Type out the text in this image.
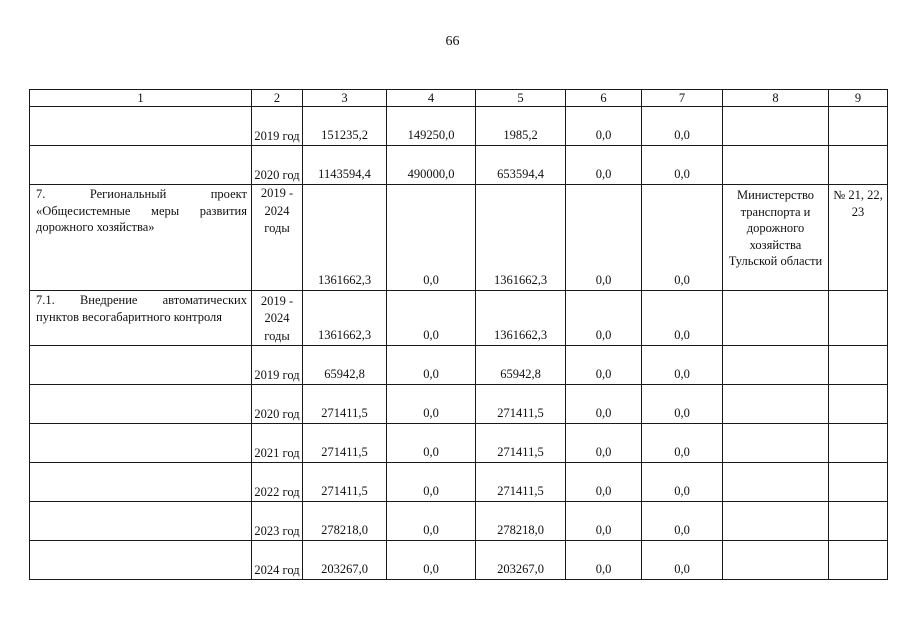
66
1	2	3	4	5	6	7	8	9
	2019 год	151235,2	149250,0	1985,2	0,0	0,0		
	2020 год	1143594,4	490000,0	653594,4	0,0	0,0		
7. Региональный проект «Общесистемные меры развития дорожного хозяйства»	2019 - 2024 годы	1361662,3	0,0	1361662,3	0,0	0,0	Министерство транспорта и дорожного хозяйства Тульской области	№ 21, 22, 23
7.1. Внедрение автоматических пунктов весогабаритного контроля	2019 - 2024 годы	1361662,3	0,0	1361662,3	0,0	0,0		
	2019 год	65942,8	0,0	65942,8	0,0	0,0		
	2020 год	271411,5	0,0	271411,5	0,0	0,0		
	2021 год	271411,5	0,0	271411,5	0,0	0,0		
	2022 год	271411,5	0,0	271411,5	0,0	0,0		
	2023 год	278218,0	0,0	278218,0	0,0	0,0		
	2024 год	203267,0	0,0	203267,0	0,0	0,0		
